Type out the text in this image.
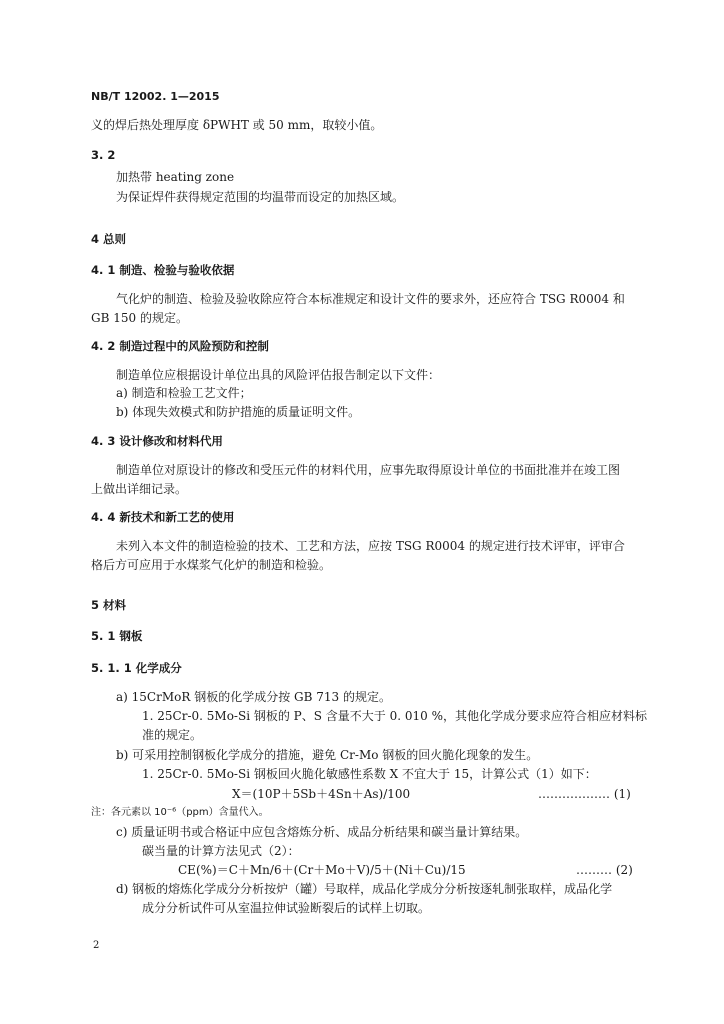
NB/T 12002. 1—2015
义的焊后热处理厚度 δPWHT 或 50 mm，取较小值。
3. 2
加热带 heating zone
为保证焊件获得规定范围的均温带而设定的加热区域。
4 总则
4. 1 制造、检验与验收依据
气化炉的制造、检验及验收除应符合本标准规定和设计文件的要求外，还应符合 TSG R0004 和
GB 150 的规定。
4. 2 制造过程中的风险预防和控制
制造单位应根据设计单位出具的风险评估报告制定以下文件：
a) 制造和检验工艺文件；
b) 体现失效模式和防护措施的质量证明文件。
4. 3 设计修改和材料代用
制造单位对原设计的修改和受压元件的材料代用，应事先取得原设计单位的书面批准并在竣工图
上做出详细记录。
4. 4 新技术和新工艺的使用
未列入本文件的制造检验的技术、工艺和方法，应按 TSG R0004 的规定进行技术评审，评审合
格后方可应用于水煤浆气化炉的制造和检验。
5 材料
5. 1 钢板
5. 1. 1 化学成分
a) 15CrMoR 钢板的化学成分按 GB 713 的规定。
1. 25Cr-0. 5Mo-Si 钢板的 P、S 含量不大于 0. 010 %，其他化学成分要求应符合相应材料标
准的规定。
b) 可采用控制钢板化学成分的措施，避免 Cr-Mo 钢板的回火脆化现象的发生。
1. 25Cr-0. 5Mo-Si 钢板回火脆化敏感性系数 X 不宜大于 15，计算公式（1）如下：
X＝(10P＋5Sb＋4Sn＋As)/100	……………… (1)
注：各元素以 10⁻⁶（ppm）含量代入。
c) 质量证明书或合格证中应包含熔炼分析、成品分析结果和碳当量计算结果。
碳当量的计算方法见式（2）：
CE(%)＝C＋Mn/6＋(Cr＋Mo＋V)/5＋(Ni＋Cu)/15	……… (2)
d) 钢板的熔炼化学成分分析按炉（罐）号取样，成品化学成分分析按逐轧制张取样，成品化学
成分分析试件可从室温拉伸试验断裂后的试样上切取。
2
